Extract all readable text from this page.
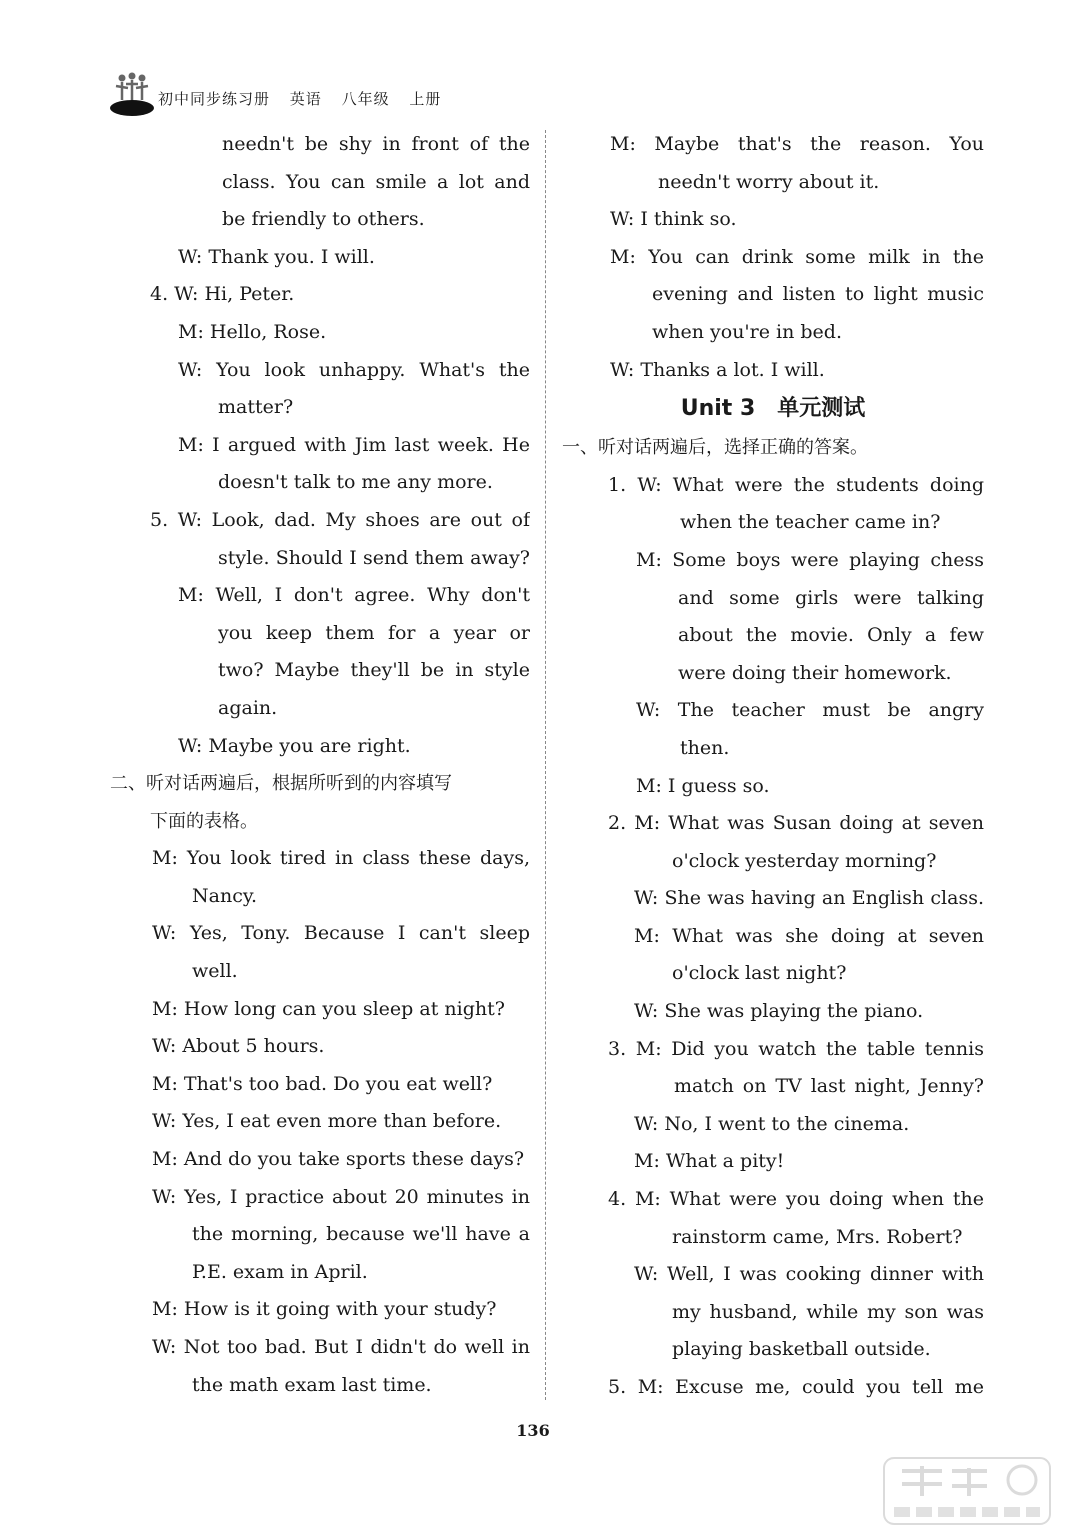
初中同步练习册 英语 八年级 上册
needn't be shy in front of the
class. You can smile a lot and
be friendly to others.
W: Thank you. I will.
4. W: Hi, Peter.
M: Hello, Rose.
W: You look unhappy. What's the
matter?
M: I argued with Jim last week. He
doesn't talk to me any more.
5. W: Look, dad. My shoes are out of
style. Should I send them away?
M: Well, I don't agree. Why don't
you keep them for a year or
two? Maybe they'll be in style
again.
W: Maybe you are right.
二、听对话两遍后，根据所听到的内容填写
下面的表格。
M: You look tired in class these days,
Nancy.
W: Yes, Tony. Because I can't sleep
well.
M: How long can you sleep at night?
W: About 5 hours.
M: That's too bad. Do you eat well?
W: Yes, I eat even more than before.
M: And do you take sports these days?
W: Yes, I practice about 20 minutes in
the morning, because we'll have a
P.E. exam in April.
M: How is it going with your study?
W: Not too bad. But I didn't do well in
the math exam last time.
M: Maybe that's the reason. You
needn't worry about it.
W: I think so.
M: You can drink some milk in the
evening and listen to light music
when you're in bed.
W: Thanks a lot. I will.
Unit 3　单元测试
一、听对话两遍后，选择正确的答案。
1. W: What were the students doing
when the teacher came in?
M: Some boys were playing chess
and some girls were talking
about the movie. Only a few
were doing their homework.
W: The teacher must be angry
then.
M: I guess so.
2. M: What was Susan doing at seven
o'clock yesterday morning?
W: She was having an English class.
M: What was she doing at seven
o'clock last night?
W: She was playing the piano.
3. M: Did you watch the table tennis
match on TV last night, Jenny?
W: No, I went to the cinema.
M: What a pity!
4. M: What were you doing when the
rainstorm came, Mrs. Robert?
W: Well, I was cooking dinner with
my husband, while my son was
playing basketball outside.
5. M: Excuse me, could you tell me
136
